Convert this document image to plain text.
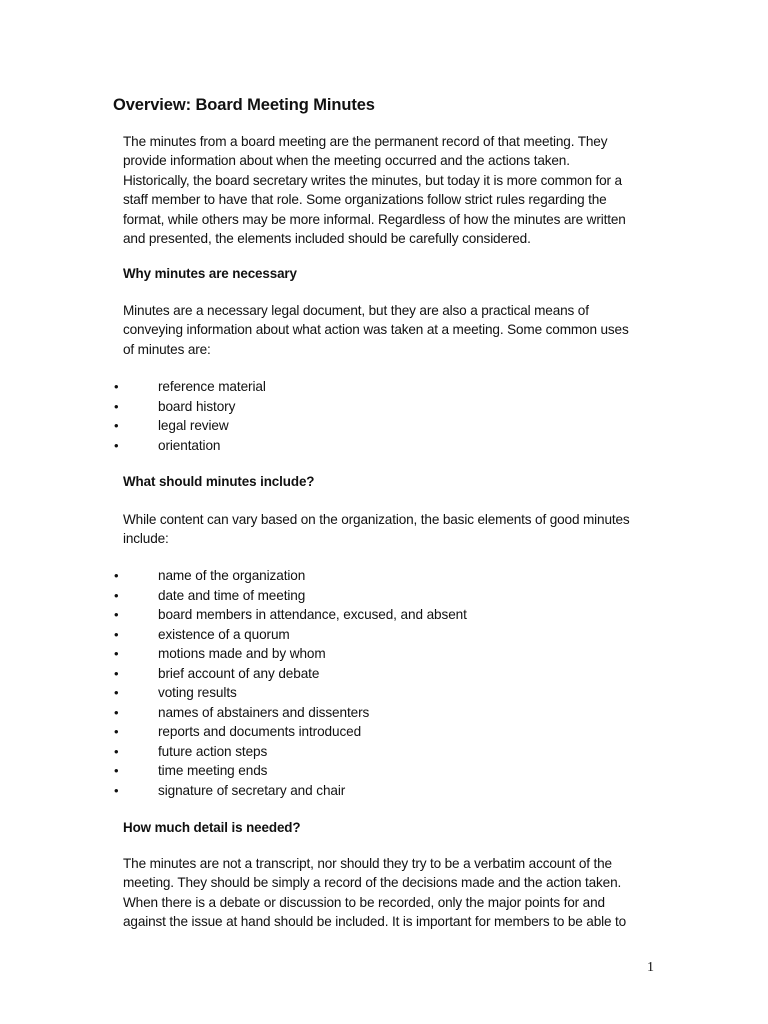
Overview: Board Meeting Minutes
The minutes from a board meeting are the permanent record of that meeting. They
provide information about when the meeting occurred and the actions taken.
Historically, the board secretary writes the minutes, but today it is more common for a
staff member to have that role. Some organizations follow strict rules regarding the
format, while others may be more informal. Regardless of how the minutes are written
and presented, the elements included should be carefully considered.
Why minutes are necessary
Minutes are a necessary legal document, but they are also a practical means of
conveying information about what action was taken at a meeting. Some common uses
of minutes are:
•	reference material
•	board history
•	legal review
•	orientation
What should minutes include?
While content can vary based on the organization, the basic elements of good minutes
include:
•	name of the organization
•	date and time of meeting
•	board members in attendance, excused, and absent
•	existence of a quorum
•	motions made and by whom
•	brief account of any debate
•	voting results
•	names of abstainers and dissenters
•	reports and documents introduced
•	future action steps
•	time meeting ends
•	signature of secretary and chair
How much detail is needed?
The minutes are not a transcript, nor should they try to be a verbatim account of the
meeting. They should be simply a record of the decisions made and the action taken.
When there is a debate or discussion to be recorded, only the major points for and
against the issue at hand should be included. It is important for members to be able to
1
